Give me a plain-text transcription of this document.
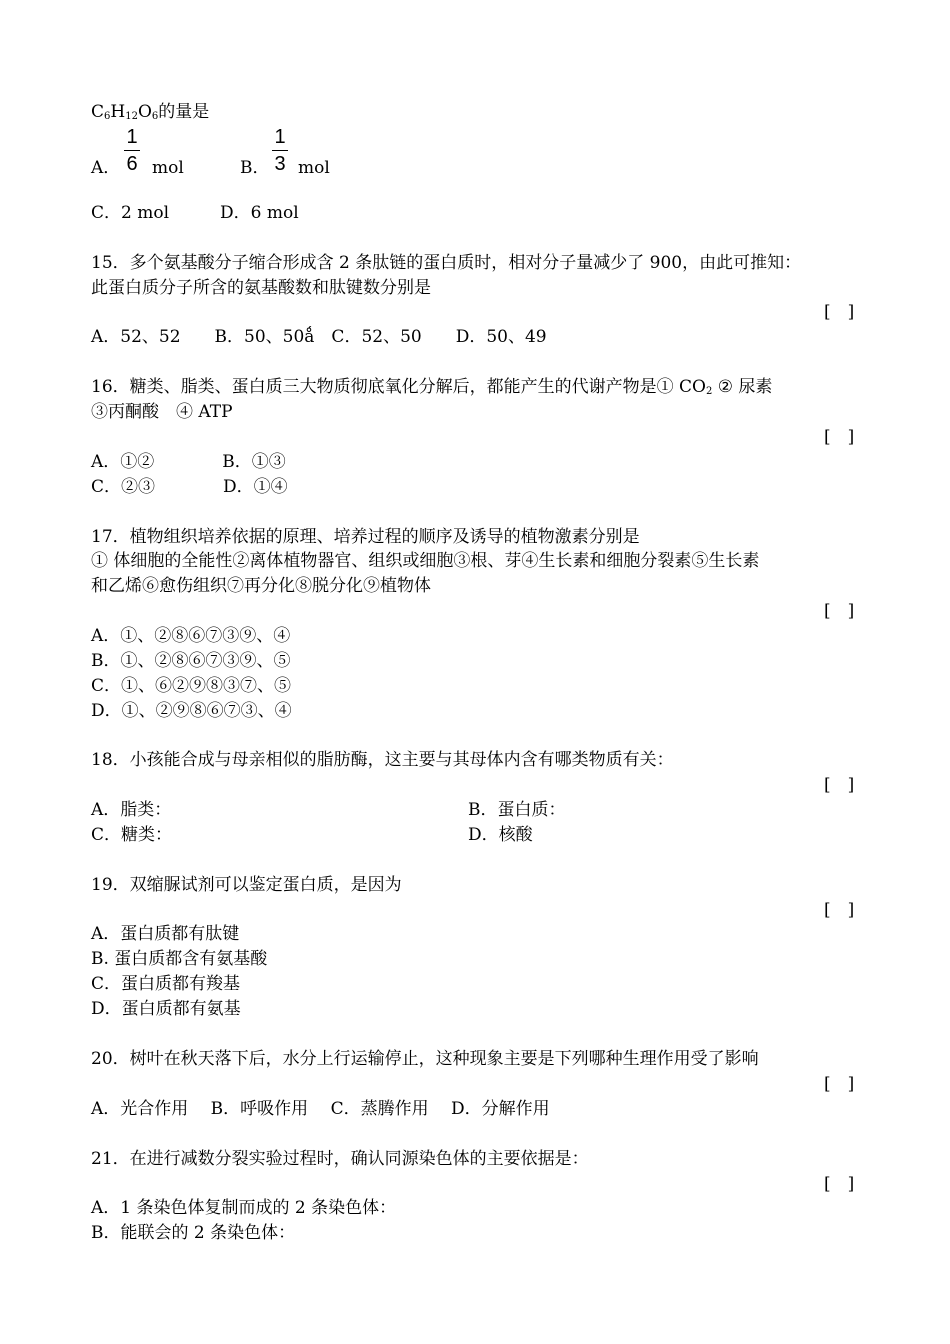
$C_6H_{12}O_6$的量是
A．
1
6 mol	B．
1
3 mol
C．2 mol　　　D．6 mol
15．多个氨基酸分子缩合形成含 2 条肽链的蛋白质时，相对分子量减少了 900，由此可推知：
此蛋白质分子所含的氨基酸数和肽键数分别是
[　]
A．52、52　　B．50、50ǻ　C．52、50　　D．50、49
16．糖类、脂类、蛋白质三大物质彻底氧化分解后，都能产生的代谢产物是① $CO_2$ ② 尿素
③丙酮酸　④ ATP
[　]
A．①②　　　　B．①③
C．②③　　　　D．①④
17．植物组织培养依据的原理、培养过程的顺序及诱导的植物激素分别是
① 体细胞的全能性②离体植物器官、组织或细胞③根、芽④生长素和细胞分裂素⑤生长素
和乙烯⑥愈伤组织⑦再分化⑧脱分化⑨植物体
[　]
A．①、②⑧⑥⑦③⑨、④
B．①、②⑧⑥⑦③⑨、⑤
C．①、⑥②⑨⑧③⑦、⑤
D．①、②⑨⑧⑥⑦③、④
18．小孩能合成与母亲相似的脂肪酶，这主要与其母体内含有哪类物质有关：
[　]
A．脂类：	B．蛋白质：
C．糖类：	D．核酸
19．双缩脲试剂可以鉴定蛋白质，是因为
[　]
A．蛋白质都有肽键
B. 蛋白质都含有氨基酸
C．蛋白质都有羧基
D．蛋白质都有氨基
20．树叶在秋天落下后，水分上行运输停止，这种现象主要是下列哪种生理作用受了影响
[　]
A．光合作用　 B．呼吸作用　 C．蒸腾作用　 D．分解作用
21．在进行减数分裂实验过程时，确认同源染色体的主要依据是：
[　]
A．1 条染色体复制而成的 2 条染色体：
B．能联会的 2 条染色体：
